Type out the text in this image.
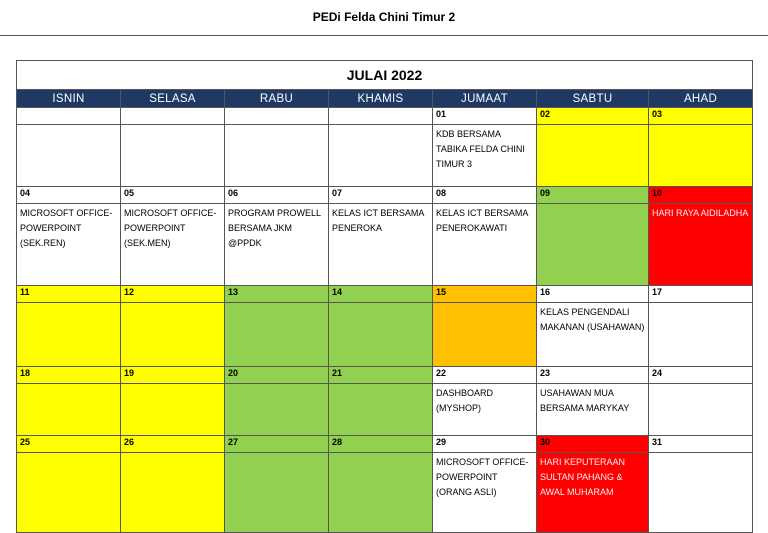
PEDi Felda Chini Timur 2
JULAI 2022						
ISNIN	SELASA	RABU	KHAMIS	JUMAAT	SABTU	AHAD
				01	02	03
				KDB BERSAMA TABIKA FELDA CHINI TIMUR 3		
04	05	06	07	08	09	10
MICROSOFT OFFICE- POWERPOINT (SEK.REN)	MICROSOFT OFFICE- POWERPOINT (SEK.MEN)	PROGRAM PROWELL BERSAMA JKM @PPDK	KELAS ICT BERSAMA PENEROKA	KELAS ICT BERSAMA PENEROKAWATI		HARI RAYA AIDILADHA
11	12	13	14	15	16	17
					KELAS PENGENDALI MAKANAN (USAHAWAN)	
18	19	20	21	22	23	24
				DASHBOARD (MYSHOP)	USAHAWAN MUA BERSAMA MARYKAY	
25	26	27	28	29	30	31
				MICROSOFT OFFICE- POWERPOINT (ORANG ASLI)	HARI KEPUTERAAN SULTAN PAHANG & AWAL MUHARAM	
